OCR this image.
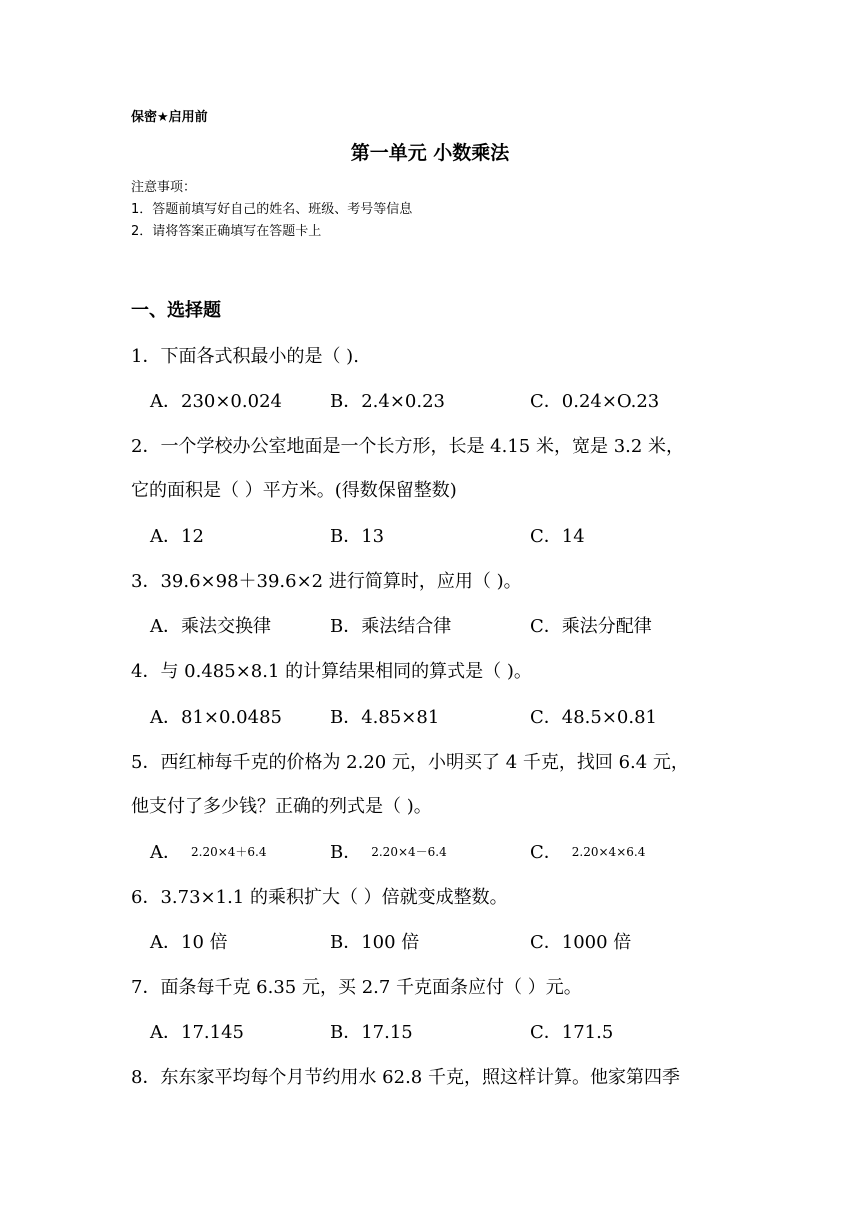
保密★启用前
第一单元 小数乘法
注意事项：
1．答题前填写好自己的姓名、班级、考号等信息
2．请将答案正确填写在答题卡上
一、选择题
1．下面各式积最小的是（ ).
A．230×0.024	B．2.4×0.23	C．0.24×O.23
2．一个学校办公室地面是一个长方形，长是 4.15 米，宽是 3.2 米，
它的面积是（ ）平方米。(得数保留整数)
A．12	B．13	C．14
3．39.6×98＋39.6×2 进行简算时，应用（ )。
A．乘法交换律	B．乘法结合律	C．乘法分配律
4．与 0.485×8.1 的计算结果相同的算式是（ )。
A．81×0.0485	B．4.85×81	C．48.5×0.81
5．西红柿每千克的价格为 2.20 元，小明买了 4 千克，找回 6.4 元，
他支付了多少钱？正确的列式是（ )。
A． 2.20×4＋6.4	B． 2.20×4－6.4	C． 2.20×4×6.4
6．3.73×1.1 的乘积扩大（ ）倍就变成整数。
A．10 倍	B．100 倍	C．1000 倍
7．面条每千克 6.35 元，买 2.7 千克面条应付（ ）元。
A．17.145	B．17.15	C．171.5
8．东东家平均每个月节约用水 62.8 千克，照这样计算。他家第四季
